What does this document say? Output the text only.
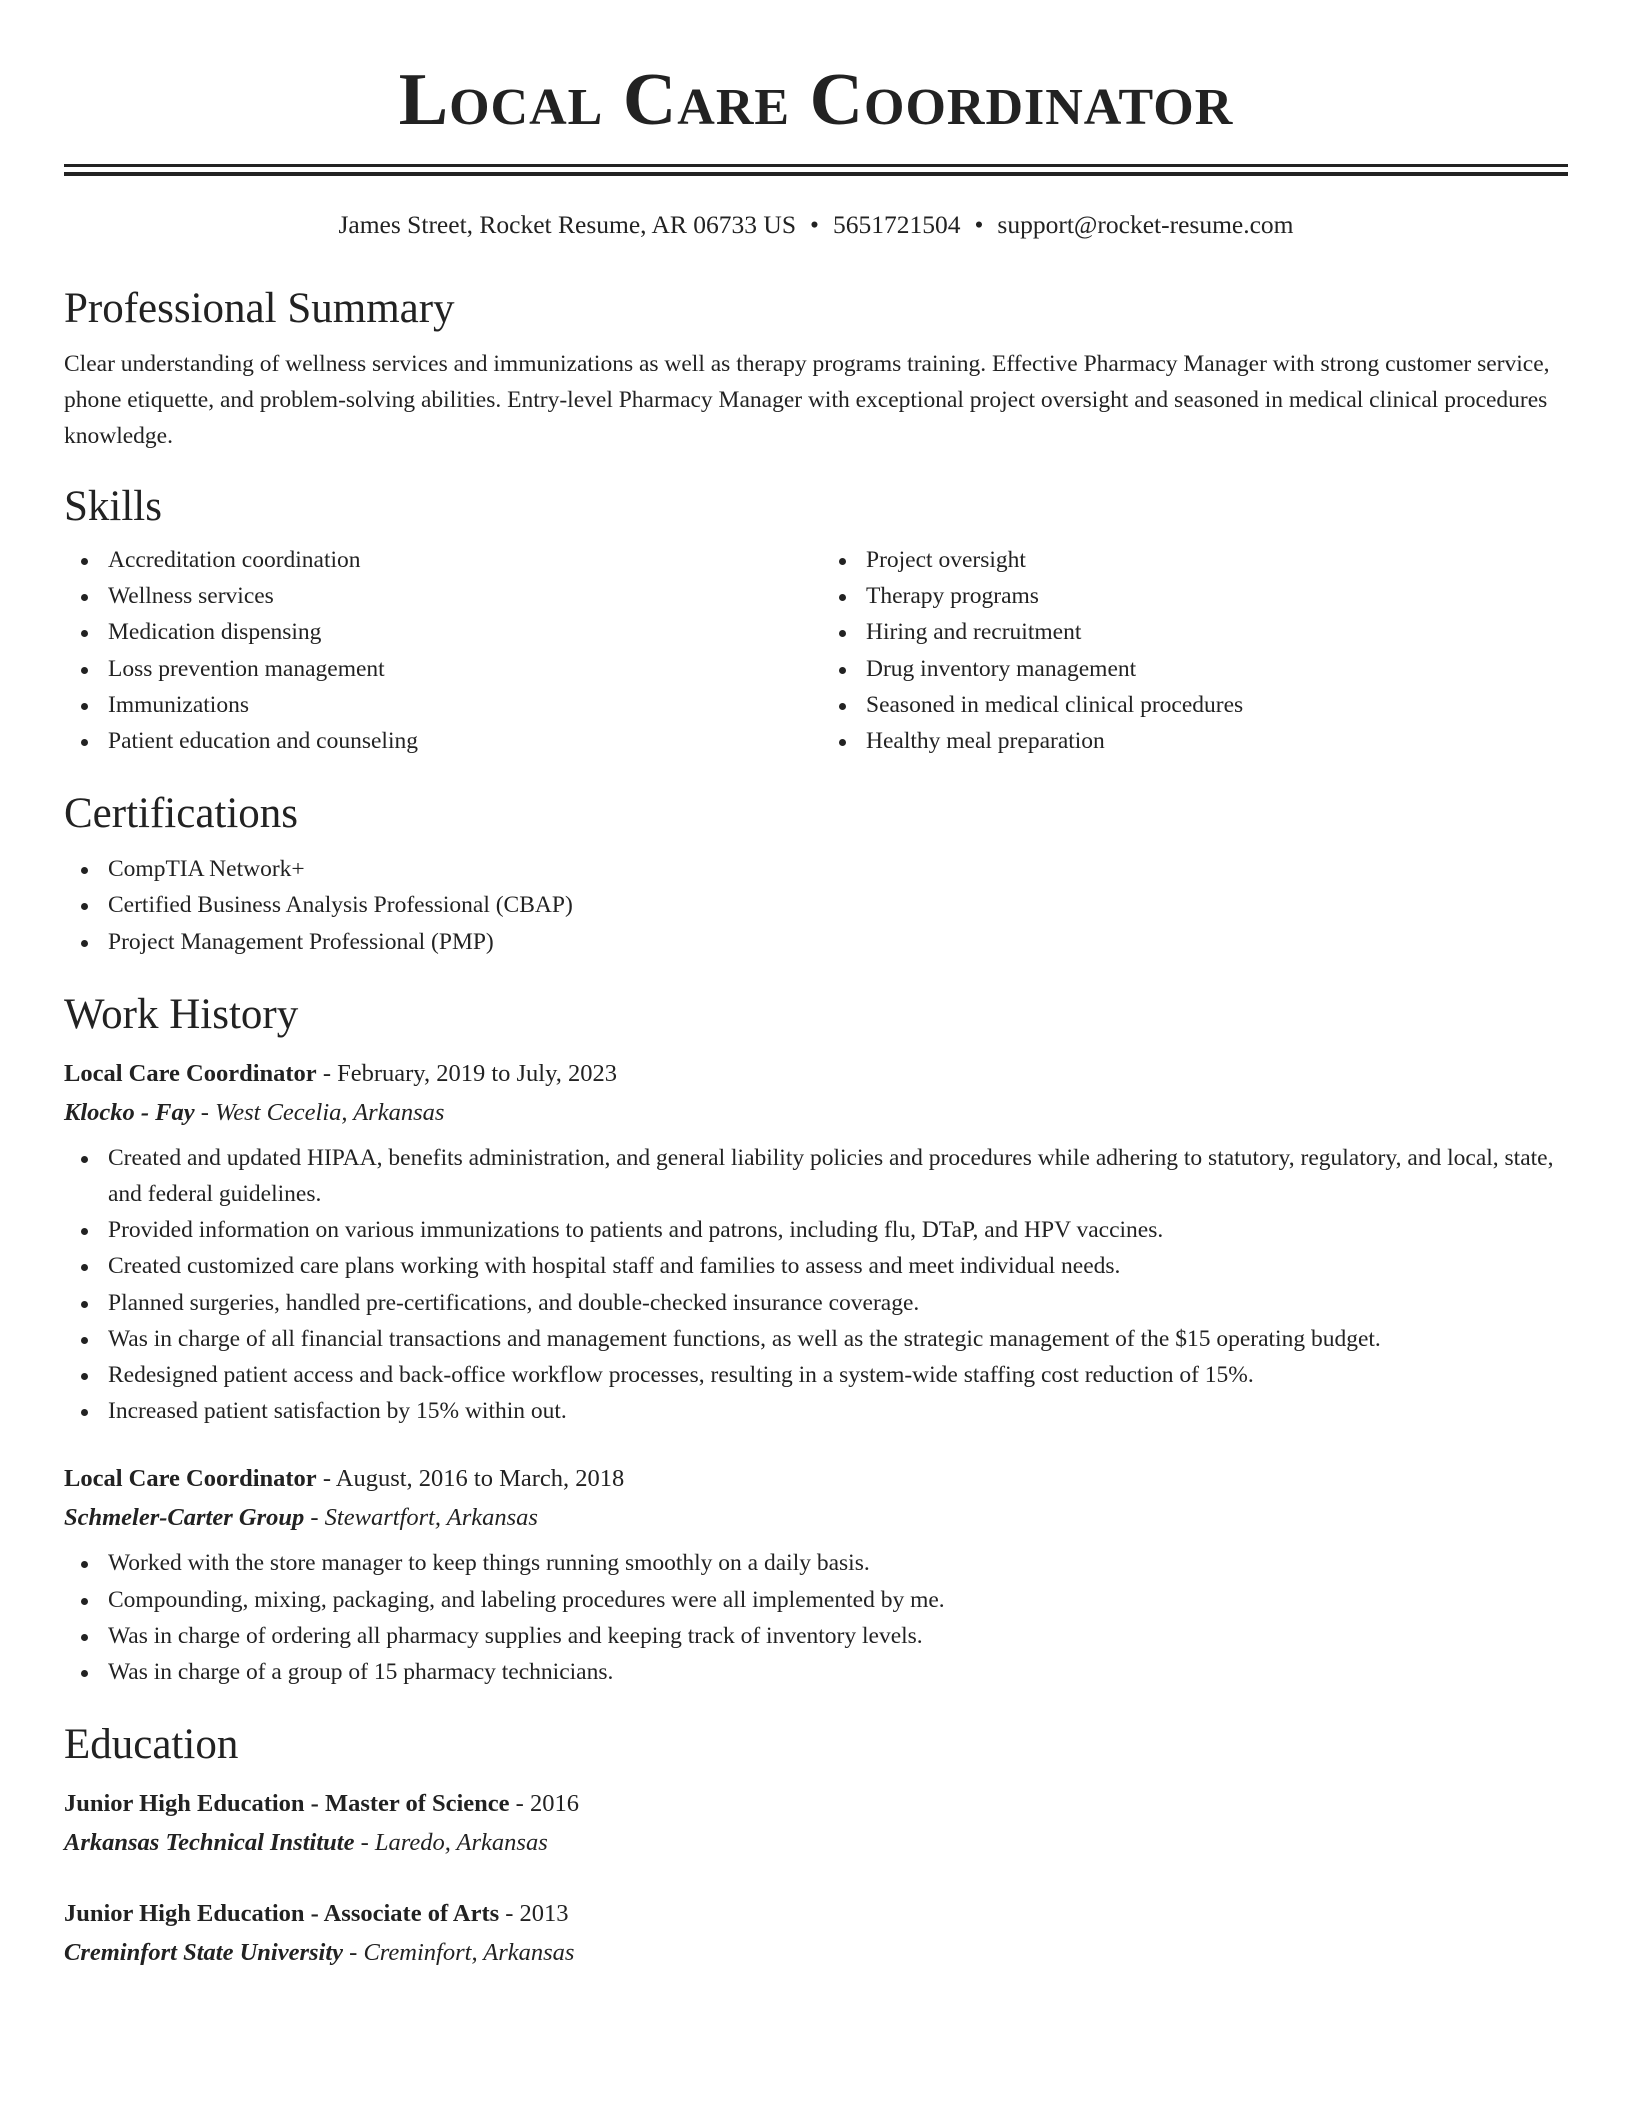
Local Care Coordinator
James Street, Rocket Resume, AR 06733 US • 5651721504 • support@rocket-resume.com
Professional Summary

Clear understanding of wellness services and immunizations as well as therapy programs training. Effective Pharmacy Manager with strong customer service, phone etiquette, and problem-solving abilities. Entry-level Pharmacy Manager with exceptional project oversight and seasoned in medical clinical procedures knowledge.

Skills
Accreditation coordination
Wellness services
Medication dispensing
Loss prevention management
Immunizations
Patient education and counseling
Project oversight
Therapy programs
Hiring and recruitment
Drug inventory management
Seasoned in medical clinical procedures
Healthy meal preparation
Certifications
CompTIA Network+
Certified Business Analysis Professional (CBAP)
Project Management Professional (PMP)
Work History
Local Care Coordinator - February, 2019 to July, 2023
Klocko - Fay - West Cecelia, Arkansas
Created and updated HIPAA, benefits administration, and general liability policies and procedures while adhering to statutory, regulatory, and local, state, and federal guidelines.
Provided information on various immunizations to patients and patrons, including flu, DTaP, and HPV vaccines.
Created customized care plans working with hospital staff and families to assess and meet individual needs.
Planned surgeries, handled pre-certifications, and double-checked insurance coverage.
Was in charge of all financial transactions and management functions, as well as the strategic management of the $15 operating budget.
Redesigned patient access and back-office workflow processes, resulting in a system-wide staffing cost reduction of 15%.
Increased patient satisfaction by 15% within out.
Local Care Coordinator - August, 2016 to March, 2018
Schmeler-Carter Group - Stewartfort, Arkansas
Worked with the store manager to keep things running smoothly on a daily basis.
Compounding, mixing, packaging, and labeling procedures were all implemented by me.
Was in charge of ordering all pharmacy supplies and keeping track of inventory levels.
Was in charge of a group of 15 pharmacy technicians.
Education
Junior High Education - Master of Science - 2016
Arkansas Technical Institute - Laredo, Arkansas
Junior High Education - Associate of Arts - 2013
Creminfort State University - Creminfort, Arkansas
